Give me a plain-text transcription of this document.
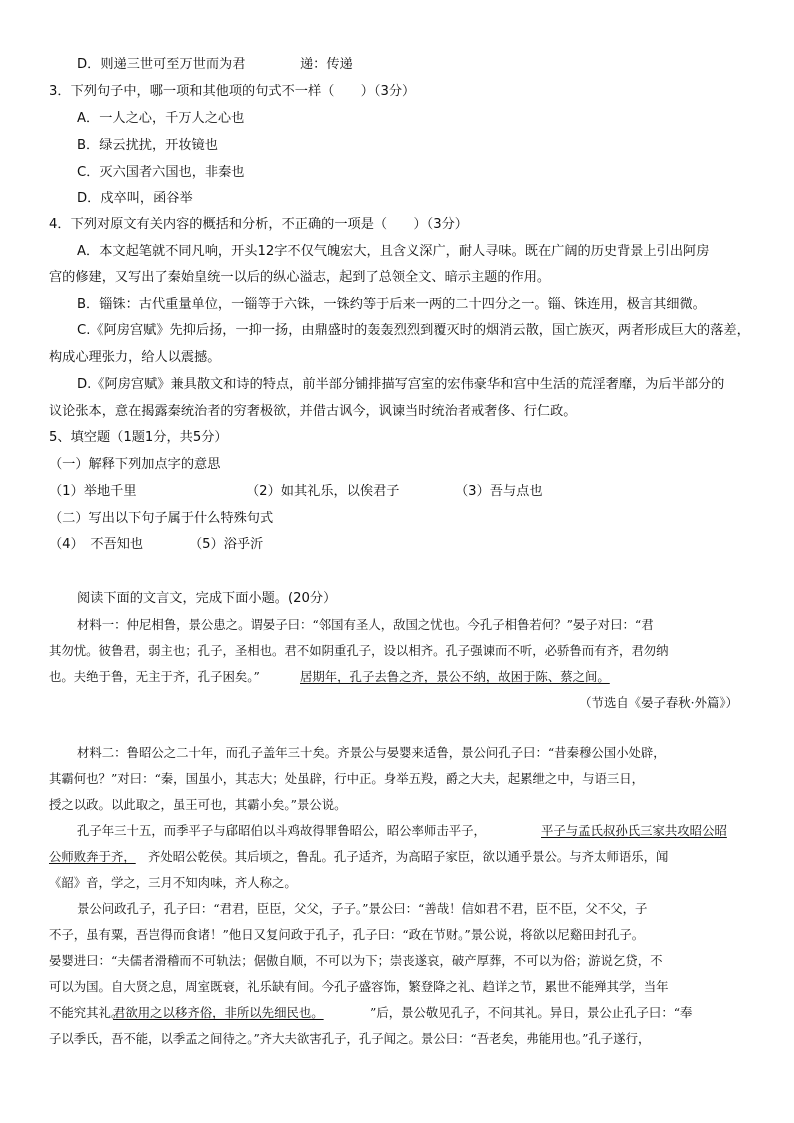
D．则递三世可至万世而为君	递：传递
3．下列句子中，哪一项和其他项的句式不一样（　　）（3分）
A．一人之心，千万人之心也
B．绿云扰扰，开妆镜也
C．灭六国者六国也，非秦也
D．戍卒叫，函谷举
4．下列对原文有关内容的概括和分析，不正确的一项是（　　）（3分）
A．本文起笔就不同凡响，开头12字不仅气魄宏大，且含义深广，耐人寻味。既在广阔的历史背景上引出阿房
宫的修建，又写出了秦始皇统一以后的纵心溢志，起到了总领全文、暗示主题的作用。
B．锱铢：古代重量单位，一锱等于六铢，一铢约等于后来一两的二十四分之一。锱、铢连用，极言其细微。
C.《阿房宫赋》先抑后扬，一抑一扬，由鼎盛时的轰轰烈烈到覆灭时的烟消云散，国亡族灭，两者形成巨大的落差，
构成心理张力，给人以震撼。
D.《阿房宫赋》兼具散文和诗的特点，前半部分铺排描写宫室的宏伟豪华和宫中生活的荒淫奢靡，为后半部分的
议论张本，意在揭露秦统治者的穷奢极欲，并借古讽今，讽谏当时统治者戒奢侈、行仁政。
5、填空题（1题1分，共5分）
（一）解释下列加点字的意思
（1）举地千里	（2）如其礼乐，以俟君子	（3）吾与点也
（二）写出以下句子属于什么特殊句式
（4）　不吾知也	（5）浴乎沂
阅读下面的文言文，完成下面小题。(20分）
材料一：仲尼相鲁，景公患之。谓晏子曰：“邻国有圣人，敌国之忧也。今孔子相鲁若何？”晏子对曰：“君
其勿忧。彼鲁君，弱主也；孔子，圣相也。君不如阴重孔子，设以相齐。孔子强谏而不听，必骄鲁而有齐，君勿纳
也。夫绝于鲁，无主于齐，孔子困矣。”	居期年，孔子去鲁之齐，景公不纳，故困于陈、蔡之间。
（节选自《晏子春秋·外篇》）
材料二：鲁昭公之二十年，而孔子盖年三十矣。齐景公与晏婴来适鲁，景公问孔子曰：“昔秦穆公国小处辟，
其霸何也？”对曰：“秦，国虽小，其志大；处虽辟，行中正。身举五羖，爵之大夫，起累绁之中，与语三日，
授之以政。以此取之，虽王可也，其霸小矣。”景公说。
孔子年三十五，而季平子与郈昭伯以斗鸡故得罪鲁昭公，昭公率师击平子，	平子与孟氏叔孙氏三家共攻昭公昭
公师败奔于齐， 齐处昭公乾侯。其后顷之，鲁乱。孔子适齐，为高昭子家臣，欲以通乎景公。与齐太师语乐，闻
《韶》音，学之，三月不知肉味，齐人称之。
景公问政孔子，孔子曰：“君君，臣臣，父父，子子。”景公曰：“善哉！信如君不君，臣不臣，父不父，子
不子，虽有粟，吾岂得而食诸！”他日又复问政于孔子，孔子曰：“政在节财。”景公说，将欲以尼谿田封孔子。
晏婴进曰：“夫儒者滑稽而不可轨法；倨傲自顺，不可以为下；崇丧遂哀，破产厚葬，不可以为俗；游说乞贷，不
可以为国。自大贤之息，周室既衰，礼乐缺有间。今孔子盛容饰，繁登降之礼、趋详之节，累世不能殚其学，当年
不能究其礼。
君欲用之以移齐俗，非所以先细民也。	”后，景公敬见孔子，不问其礼。异日，景公止孔子曰：“奉
子以季氏，吾不能，以季孟之间待之。”齐大夫欲害孔子，孔子闻之。景公曰：“吾老矣，弗能用也。”孔子遂行，
